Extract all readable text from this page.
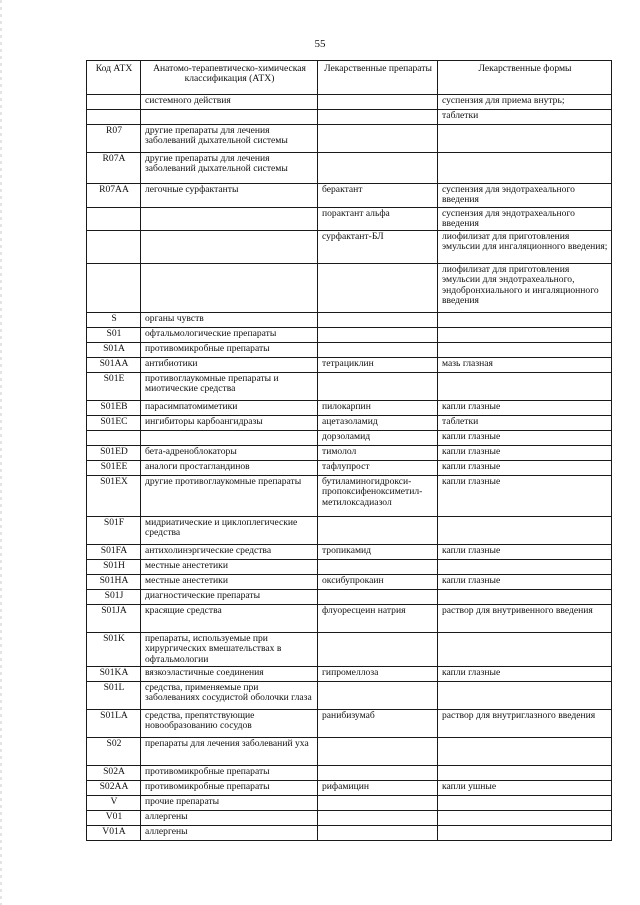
55
Код АТХ	Анатомо-терапевтическо-химическая классификация (АТХ)	Лекарственные препараты	Лекарственные формы
	системного действия		суспензия для приема внутрь;
			таблетки
R07	другие препараты для лечения заболеваний дыхательной системы		
R07A	другие препараты для лечения заболеваний дыхательной системы		
R07AA	легочные сурфактанты	берактант	суспензия для эндотрахеального введения
		порактант альфа	суспензия для эндотрахеального введения
		сурфактант-БЛ	лиофилизат для приготовления эмульсии для ингаляционного введения;
			лиофилизат для приготовления эмульсии для эндотрахеального, эндобронхиального и ингаляционного введения
S	органы чувств		
S01	офтальмологические препараты		
S01A	противомикробные препараты		
S01AA	антибиотики	тетрациклин	мазь глазная
S01E	противоглаукомные препараты и миотические средства		
S01EB	парасимпатомиметики	пилокарпин	капли глазные
S01EC	ингибиторы карбоангидразы	ацетазоламид	таблетки
		дорзоламид	капли глазные
S01ED	бета-адреноблокаторы	тимолол	капли глазные
S01EE	аналоги простагландинов	тафлупрост	капли глазные
S01EX	другие противоглаукомные препараты	бутиламиногидрокси-пропоксифеноксиметил-метилоксадиазол	капли глазные
S01F	мидриатические и циклоплегические средства		
S01FA	антихолинэргические средства	тропикамид	капли глазные
S01H	местные анестетики		
S01HA	местные анестетики	оксибупрокаин	капли глазные
S01J	диагностические препараты		
S01JA	красящие средства	флуоресцеин натрия	раствор для внутривенного введения
S01K	препараты, используемые при хирургических вмешательствах в офтальмологии		
S01KA	вязкоэластичные соединения	гипромеллоза	капли глазные
S01L	средства, применяемые при заболеваниях сосудистой оболочки глаза		
S01LA	средства, препятствующие новообразованию сосудов	ранибизумаб	раствор для внутриглазного введения
S02	препараты для лечения заболеваний уха		
S02A	противомикробные препараты		
S02AA	противомикробные препараты	рифамицин	капли ушные
V	прочие препараты		
V01	аллергены		
V01A	аллергены		
